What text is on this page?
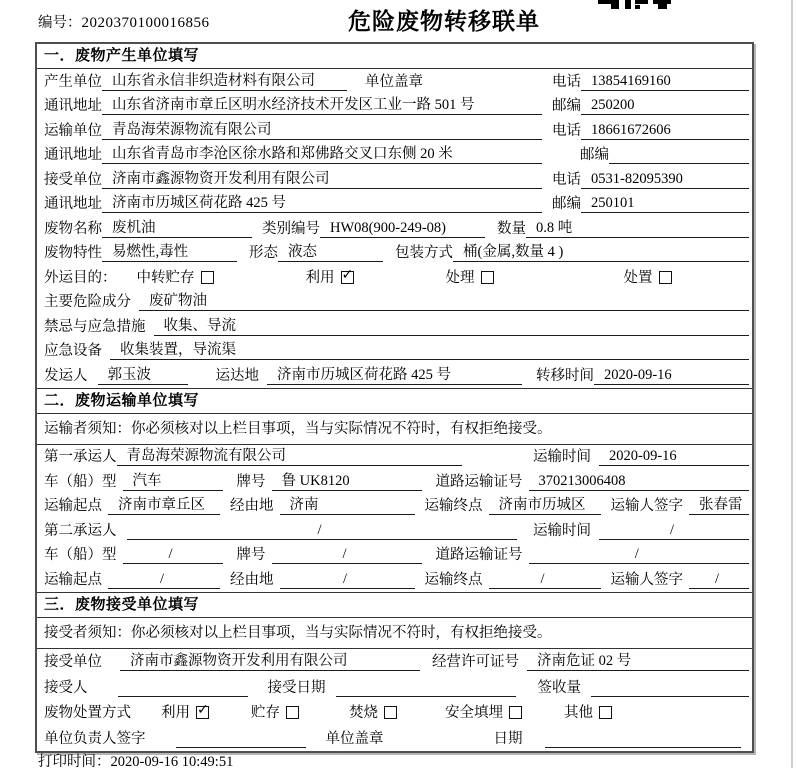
编号：2020370100016856	危险废物转移联单
一．废物产生单位填写
产生单位 山东省永信非织造材料有限公司	单位盖章	电话 13854169160
通讯地址 山东省济南市章丘区明水经济技术开发区工业一路 501 号	邮编 250200
运输单位 青岛海荣源物流有限公司	电话 18661672606
通讯地址 山东省青岛市李沧区徐水路和郑佛路交叉口东侧 20 米	邮编
接受单位 济南市鑫源物资开发利用有限公司	电话 0531-82095390
通讯地址 济南市历城区荷花路 425 号	邮编 250101
废物名称 废机油	类别编号 HW08(900-249-08)	数量 0.8 吨
废物特性 易燃性,毒性	形态 液态	包装方式 桶(金属,数量 4 )
外运目的： 中转贮存	利用 ✓	处理	处置
主要危险成分	废矿物油
禁忌与应急措施	收集、导流
应急设备	收集装置，导流渠
发运人	郭玉波	运达地	济南市历城区荷花路 425 号	转移时间 2020-09-16
二．废物运输单位填写
运输者须知：你必须核对以上栏目事项，当与实际情况不符时，有权拒绝接受。
第一承运人 青岛海荣源物流有限公司	运输时间	2020-09-16
车（船）型	汽车	牌号	鲁 UK8120	道路运输证号	370213006408
运输起点	济南市章丘区	经由地	济南	运输终点	济南市历城区	运输人签字	张春雷
第二承运人	/	运输时间	/
车（船）型	/	牌号	/	道路运输证号	/
运输起点	/	经由地	/	运输终点	/	运输人签字	/
三．废物接受单位填写
接受者须知：你必须核对以上栏目事项，当与实际情况不符时，有权拒绝接受。
接受单位	济南市鑫源物资开发利用有限公司	经营许可证号	济南危证 02 号
接受人	接受日期	签收量
废物处置方式 利用 ✓	贮存	焚烧	安全填埋	其他
单位负责人签字	单位盖章	日期
打印时间：2020-09-16 10:49:51
